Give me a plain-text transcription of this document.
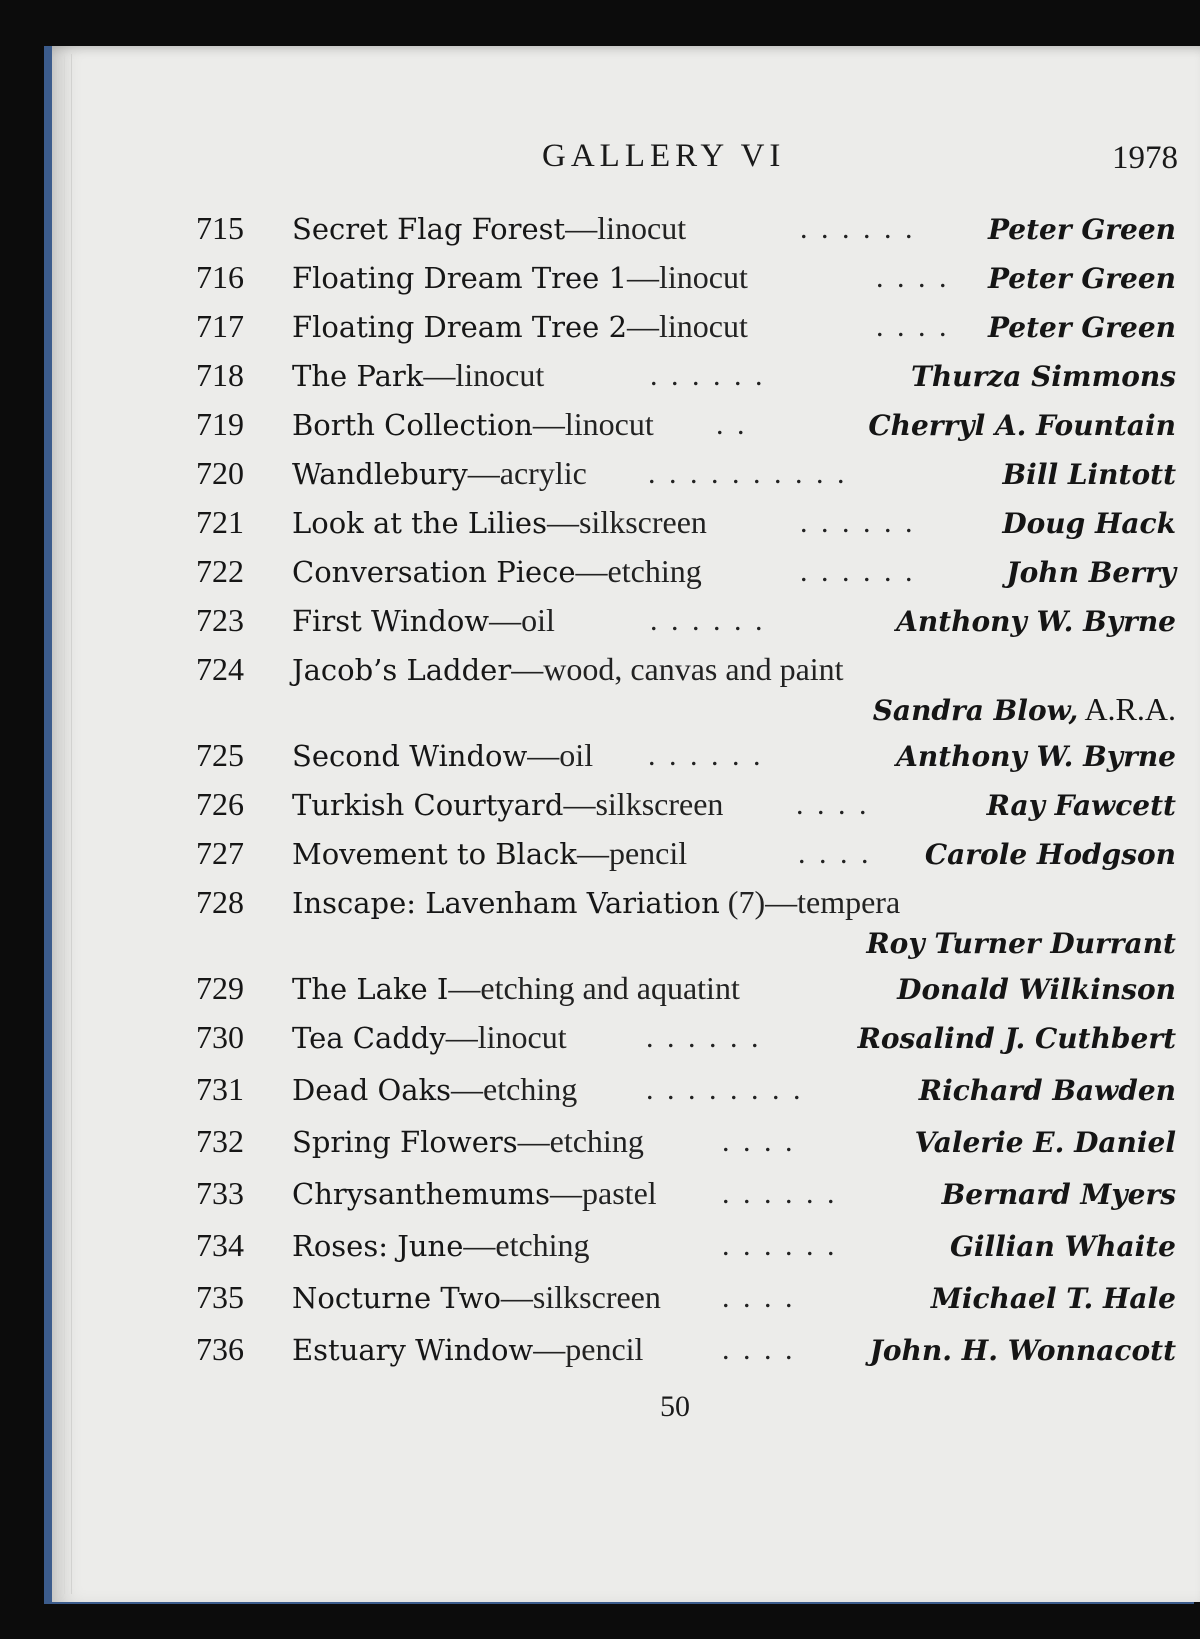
GALLERY VI	1978
715 Secret Flag Forest—linocut	. . . . . .	Peter Green
716 Floating Dream Tree 1—linocut	. . . . Peter Green
717 Floating Dream Tree 2—linocut	. . . . Peter Green
718 The Park—linocut	. . . . . .	Thurza Simmons
719 Borth Collection—linocut . .	Cherryl A. Fountain
720 Wandlebury—acrylic . . . . . . . . . .	Bill Lintott
721 Look at the Lilies—silkscreen	. . . . . .	Doug Hack
722 Conversation Piece—etching	. . . . . .	John Berry
723 First Window—oil	. . . . . .	Anthony W. Byrne
724 Jacob’s Ladder—wood, canvas and paint
Sandra Blow, A.R.A.
725 Second Window—oil . . . . . .	Anthony W. Byrne
726 Turkish Courtyard—silkscreen . . . .	Ray Fawcett
727 Movement to Black—pencil	. . . . Carole Hodgson
728 Inscape: Lavenham Variation (7)—tempera
Roy Turner Durrant
729 The Lake I—etching and aquatint	Donald Wilkinson
730 Tea Caddy—linocut	. . . . . .	Rosalind J. Cuthbert
731 Dead Oaks—etching . . . . . . . .	Richard Bawden
732 Spring Flowers—etching	. . . .	Valerie E. Daniel
733 Chrysanthemums—pastel . . . . . .	Bernard Myers
734 Roses: June—etching	. . . . . .	Gillian Whaite
735 Nocturne Two—silkscreen . . . .	Michael T. Hale
736 Estuary Window—pencil	. . . .	John. H. Wonnacott
50
